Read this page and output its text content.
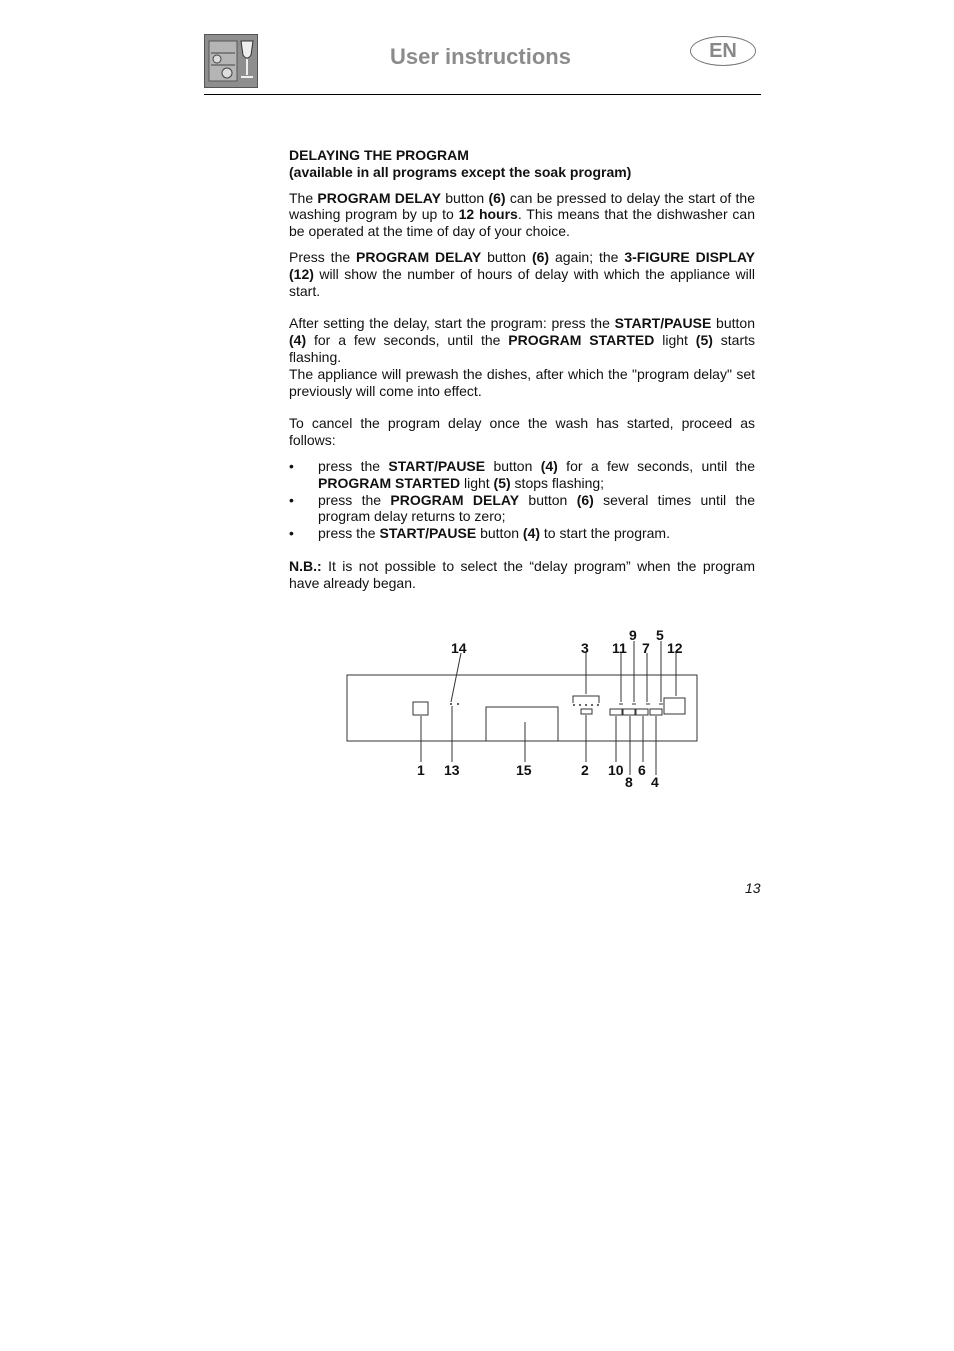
User instructions	EN

DELAYING THE PROGRAM

(available in all programs except the soak program)

The PROGRAM DELAY button (6) can be pressed to delay the start of the washing program by up to 12 hours. This means that the dishwasher can be operated at the time of day of your choice.

Press the PROGRAM DELAY button (6) again; the 3-FIGURE DISPLAY (12) will show the number of hours of delay with which the appliance will start.

After setting the delay, start the program: press the START/PAUSE button (4) for a few seconds, until the PROGRAM STARTED light (5) starts flashing.

The appliance will prewash the dishes, after which the "program delay" set previously will come into effect.

To cancel the program delay once the wash has started, proceed as follows:

• press the START/PAUSE button (4) for a few seconds, until the PROGRAM STARTED light (5) stops flashing;
• press the PROGRAM DELAY button (6) several times until the program delay returns to zero;
• press the START/PAUSE button (4) to start the program.

N.B.: It is not possible to select the “delay program” when the program have already began.

14	3
9 5
11 7 12
1 13	15	2 10 6
8 4
13
